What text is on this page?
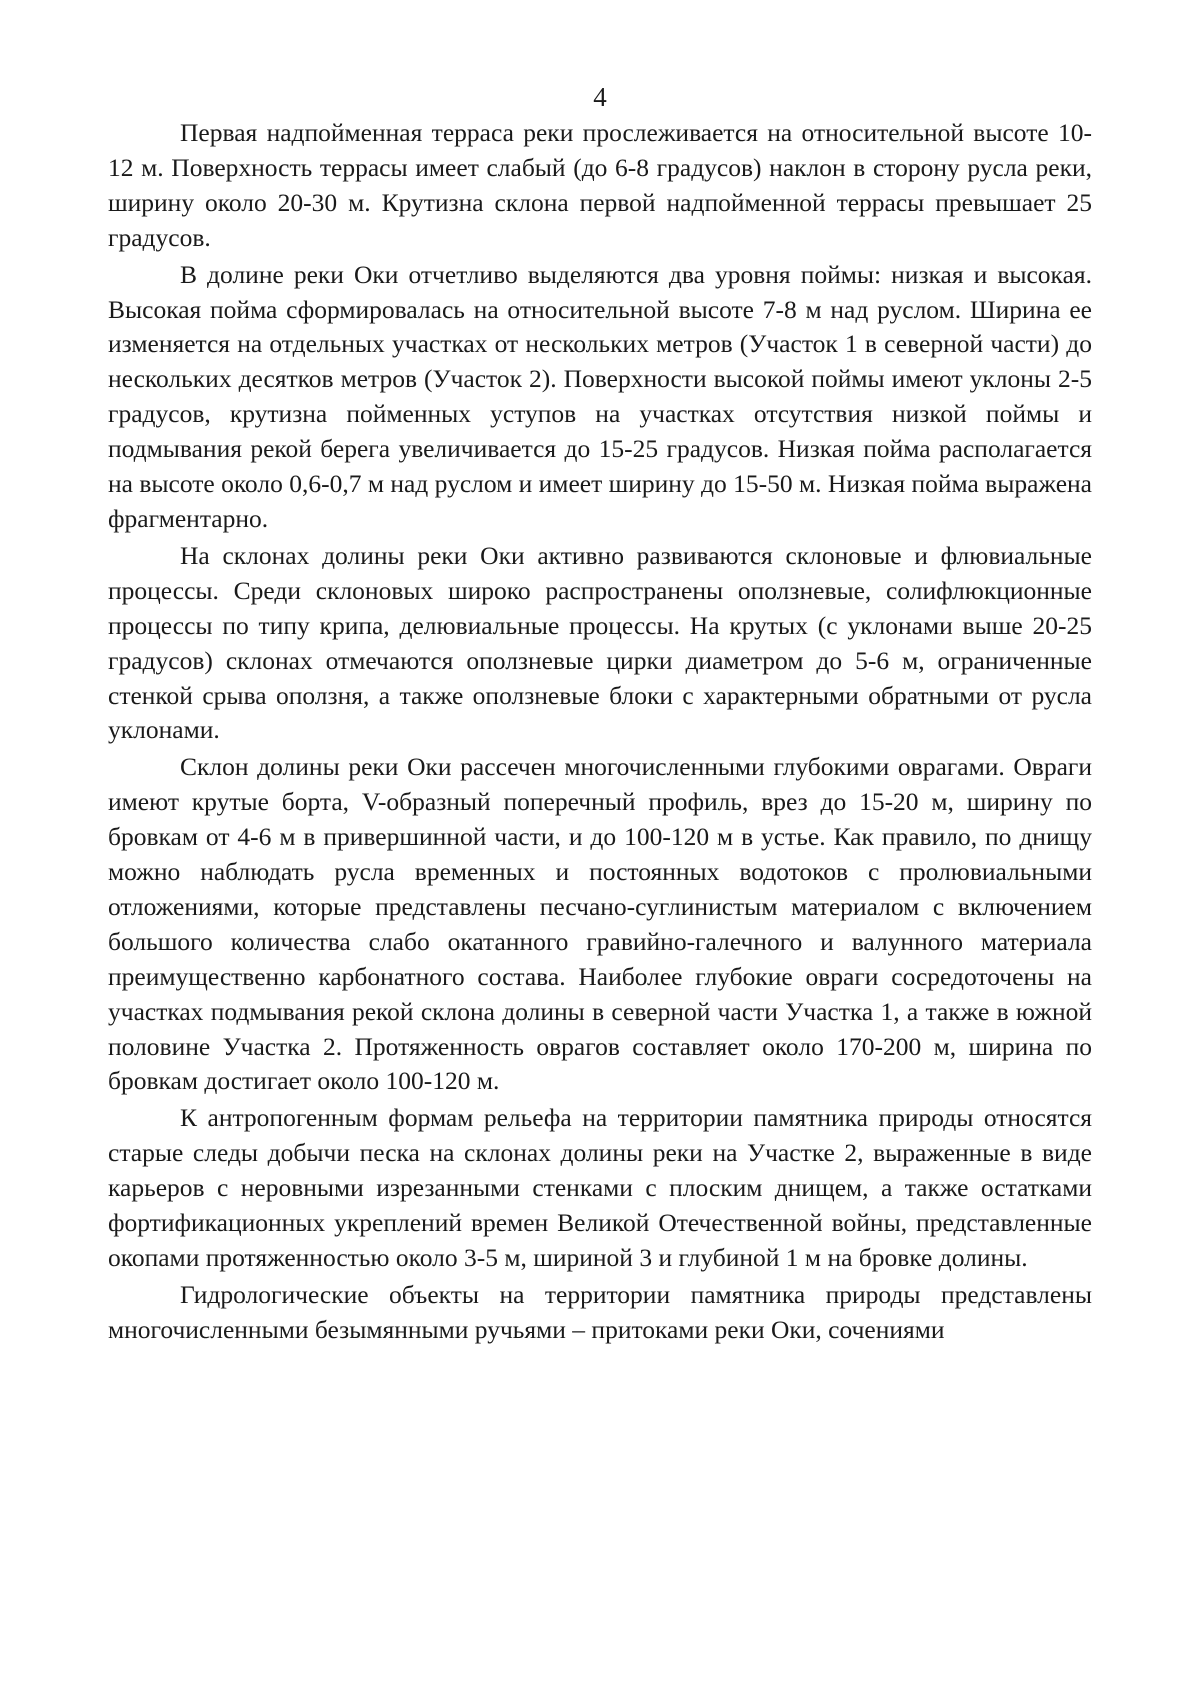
4

Первая надпойменная терраса реки прослеживается на относительной высоте 10-12 м. Поверхность террасы имеет слабый (до 6-8 градусов) наклон в сторону русла реки, ширину около 20-30 м. Крутизна склона первой надпойменной террасы превышает 25 градусов.

В долине реки Оки отчетливо выделяются два уровня поймы: низкая и высокая. Высокая пойма сформировалась на относительной высоте 7-8 м над руслом. Ширина ее изменяется на отдельных участках от нескольких метров (Участок 1 в северной части) до нескольких десятков метров (Участок 2). Поверхности высокой поймы имеют уклоны 2-5 градусов, крутизна пойменных уступов на участках отсутствия низкой поймы и подмывания рекой берега увеличивается до 15-25 градусов. Низкая пойма располагается на высоте около 0,6-0,7 м над руслом и имеет ширину до 15-50 м. Низкая пойма выражена фрагментарно.

На склонах долины реки Оки активно развиваются склоновые и флювиальные процессы. Среди склоновых широко распространены оползневые, солифлюкционные процессы по типу крипа, делювиальные процессы. На крутых (с уклонами выше 20-25 градусов) склонах отмечаются оползневые цирки диаметром до 5-6 м, ограниченные стенкой срыва оползня, а также оползневые блоки с характерными обратными от русла уклонами.

Склон долины реки Оки рассечен многочисленными глубокими оврагами. Овраги имеют крутые борта, V-образный поперечный профиль, врез до 15-20 м, ширину по бровкам от 4-6 м в привершинной части, и до 100-120 м в устье. Как правило, по днищу можно наблюдать русла временных и постоянных водотоков с пролювиальными отложениями, которые представлены песчано-суглинистым материалом с включением большого количества слабо окатанного гравийно-галечного и валунного материала преимущественно карбонатного состава. Наиболее глубокие овраги сосредоточены на участках подмывания рекой склона долины в северной части Участка 1, а также в южной половине Участка 2. Протяженность оврагов составляет около 170-200 м, ширина по бровкам достигает около 100-120 м.

К антропогенным формам рельефа на территории памятника природы относятся старые следы добычи песка на склонах долины реки на Участке 2, выраженные в виде карьеров с неровными изрезанными стенками с плоским днищем, а также остатками фортификационных укреплений времен Великой Отечественной войны, представленные окопами протяженностью около 3-5 м, шириной 3 и глубиной 1 м на бровке долины.

Гидрологические объекты на территории памятника природы представлены многочисленными безымянными ручьями – притоками реки Оки, сочениями
